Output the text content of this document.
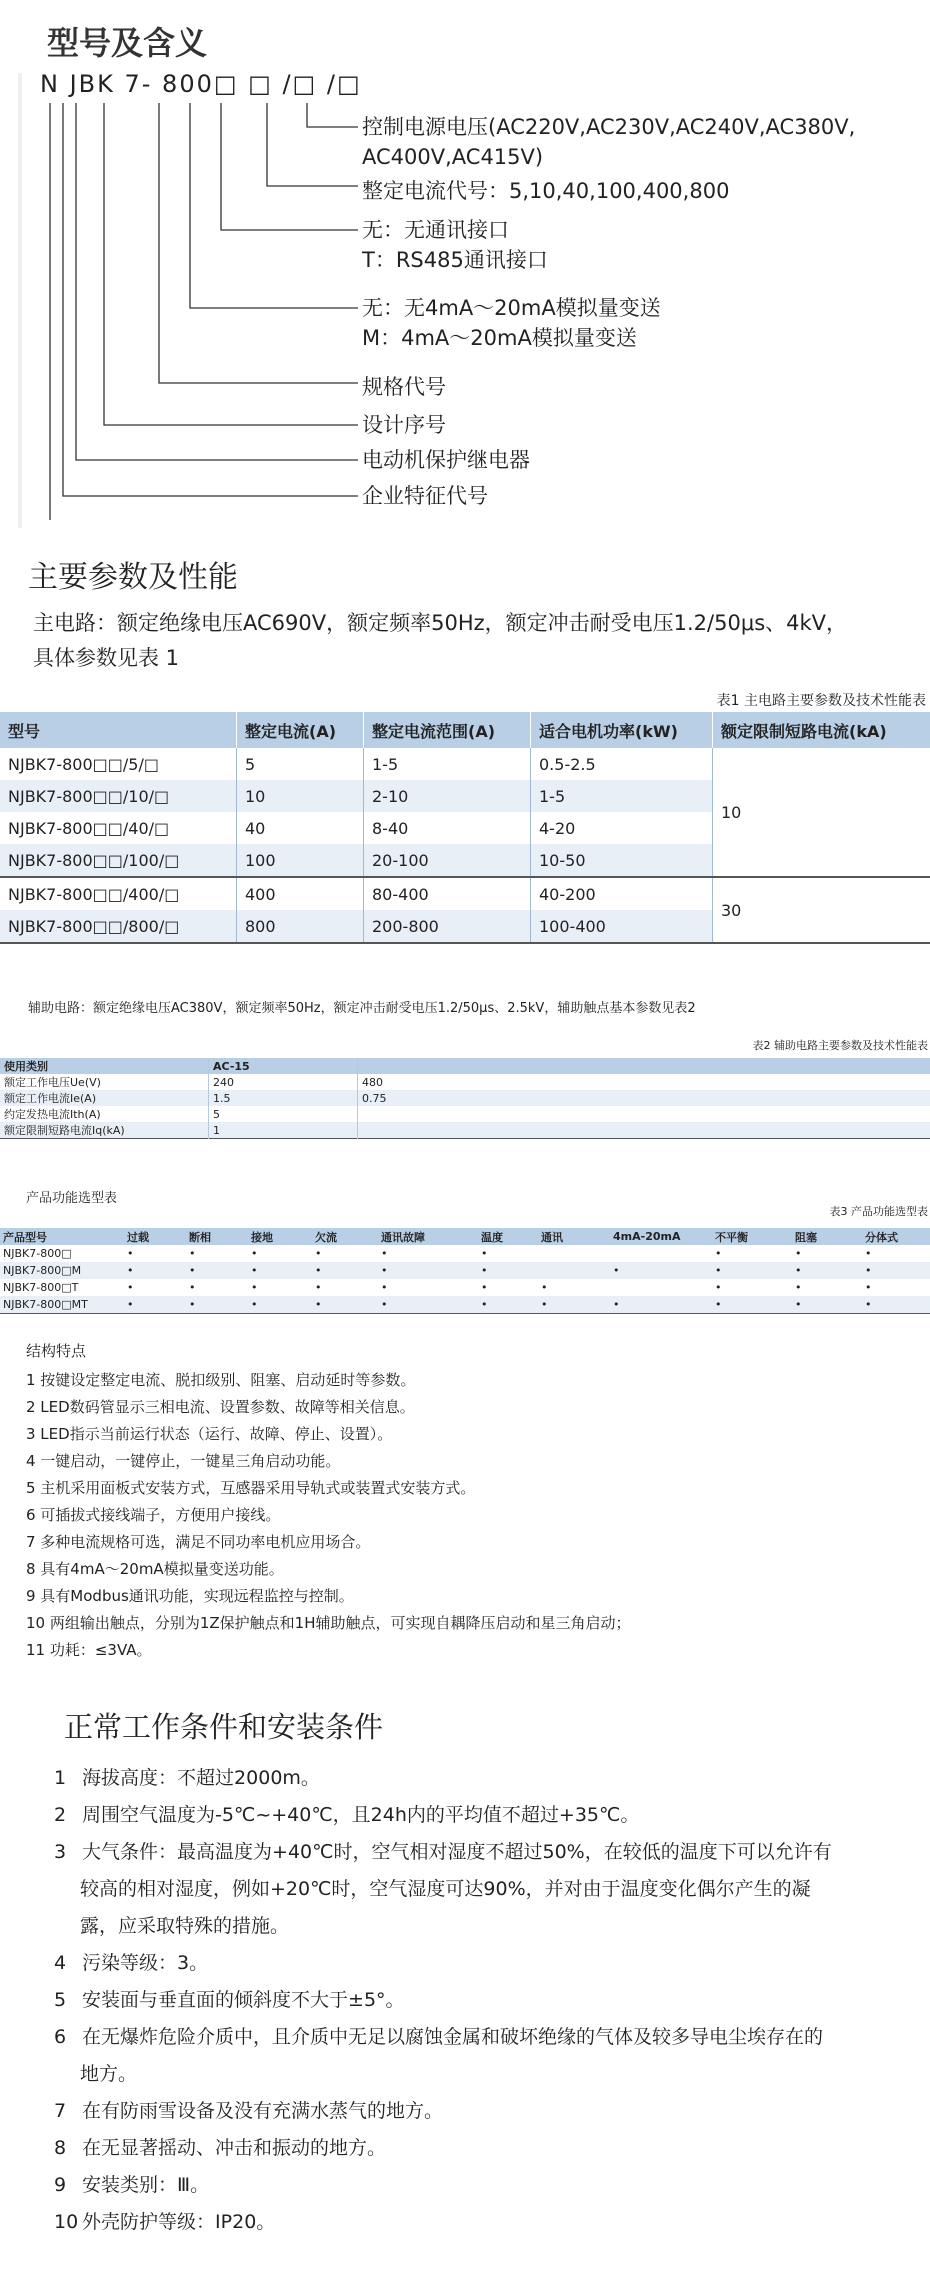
型号及含义
N JBK 7- 800□ □ /□ /□
控制电源电压(AC220V,AC230V,AC240V,AC380V,
AC400V,AC415V)
整定电流代号：5,10,40,100,400,800
无：无通讯接口
T：RS485通讯接口
无：无4mA～20mA模拟量变送
M：4mA～20mA模拟量变送
规格代号
设计序号
电动机保护继电器
企业特征代号
主要参数及性能
主电路：额定绝缘电压AC690V，额定频率50Hz，额定冲击耐受电压1.2/50μs、4kV，
具体参数见表 1
表1 主电路主要参数及技术性能表
型号	整定电流(A)	整定电流范围(A)	适合电机功率(kW)	额定限制短路电流(kA)
NJBK7-800□□/5/□	5	1-5	0.5-2.5	10
NJBK7-800□□/10/□	10	2-10	1-5	
NJBK7-800□□/40/□	40	8-40	4-20	
NJBK7-800□□/100/□	100	20-100	10-50	
NJBK7-800□□/400/□	400	80-400	40-200	30
NJBK7-800□□/800/□	800	200-800	100-400	
辅助电路：额定绝缘电压AC380V，额定频率50Hz，额定冲击耐受电压1.2/50μs、2.5kV，辅助触点基本参数见表2
表2 辅助电路主要参数及技术性能表
使用类别	AC-15	
额定工作电压Ue(V)	240	480
额定工作电流Ie(A)	1.5	0.75
约定发热电流Ith(A)	5	
额定限制短路电流Iq(kA)	1	
产品功能选型表
表3 产品功能选型表
产品型号	过载	断相	接地	欠流	通讯故障	温度	通讯	4mA-20mA	不平衡	阻塞	分体式
NJBK7-800□	•	•	•	•	•	•			•	•	•
NJBK7-800□M	•	•	•	•	•	•		•	•	•	•
NJBK7-800□T	•	•	•	•	•	•	•		•	•	•
NJBK7-800□MT	•	•	•	•	•	•	•	•	•	•	•
结构特点
1 按键设定整定电流、脱扣级别、阻塞、启动延时等参数。
2 LED数码管显示三相电流、设置参数、故障等相关信息。
3 LED指示当前运行状态（运行、故障、停止、设置）。
4 一键启动，一键停止，一键星三角启动功能。
5 主机采用面板式安装方式，互感器采用导轨式或装置式安装方式。
6 可插拔式接线端子，方便用户接线。
7 多种电流规格可选，满足不同功率电机应用场合。
8 具有4mA～20mA模拟量变送功能。
9 具有Modbus通讯功能，实现远程监控与控制。
10 两组输出触点，分别为1Z保护触点和1H辅助触点，可实现自耦降压启动和星三角启动；
11 功耗：≤3VA。
正常工作条件和安装条件
1 海拔高度：不超过2000m。
2 周围空气温度为-5℃~+40℃，且24h内的平均值不超过+35℃。
3 大气条件：最高温度为+40℃时，空气相对湿度不超过50%，在较低的温度下可以允许有
较高的相对湿度，例如+20℃时，空气湿度可达90%，并对由于温度变化偶尔产生的凝
露，应采取特殊的措施。
4 污染等级：3。
5 安装面与垂直面的倾斜度不大于±5°。
6 在无爆炸危险介质中，且介质中无足以腐蚀金属和破坏绝缘的气体及较多导电尘埃存在的
地方。
7 在有防雨雪设备及没有充满水蒸气的地方。
8 在无显著摇动、冲击和振动的地方。
9 安装类别：Ⅲ。
10 外壳防护等级：IP20。
